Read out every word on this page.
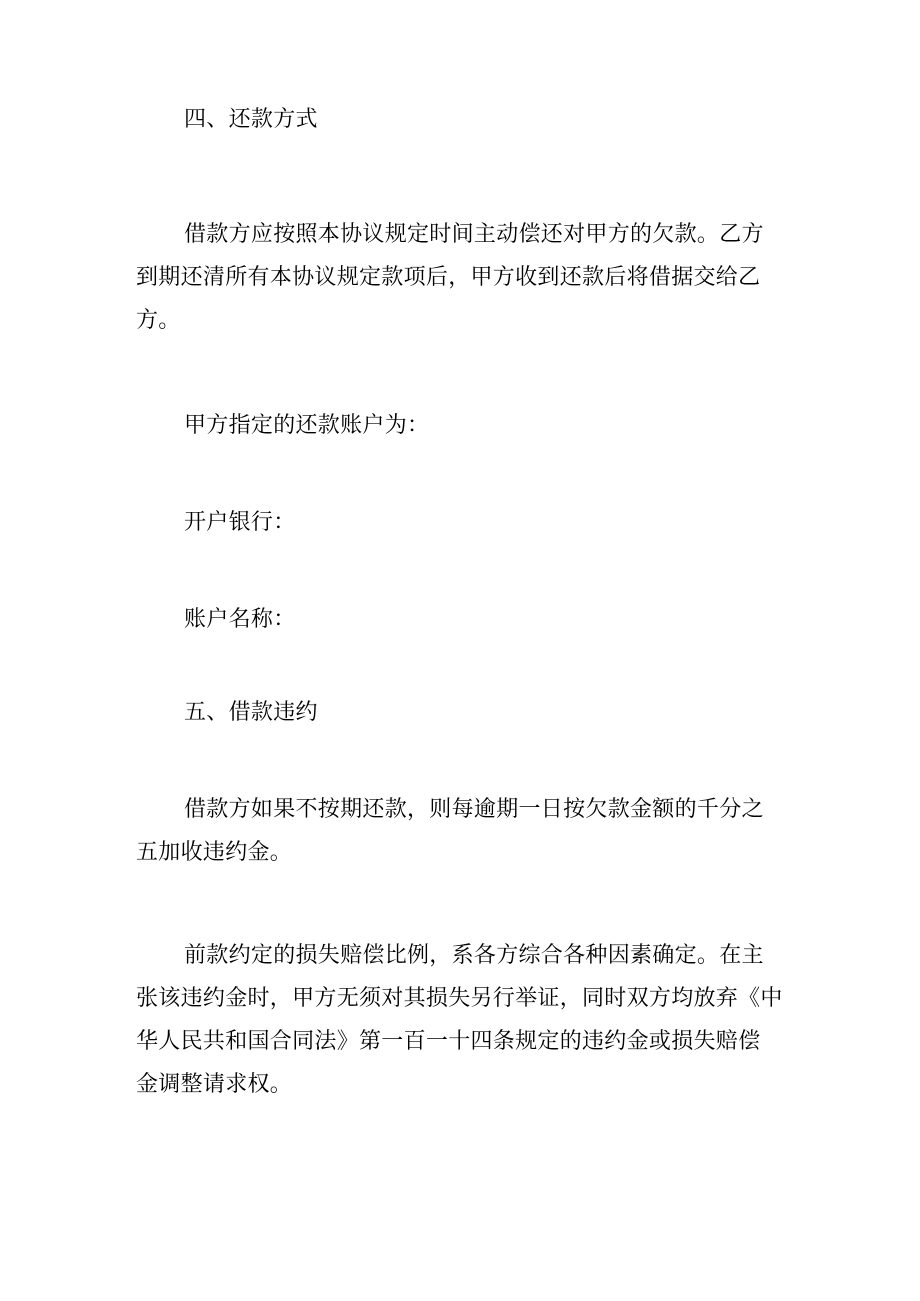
四、还款方式

借款方应按照本协议规定时间主动偿还对甲方的欠款。乙方
到期还清所有本协议规定款项后，甲方收到还款后将借据交给乙
方。

甲方指定的还款账户为：

开户银行：

账户名称：

五、借款违约

借款方如果不按期还款，则每逾期一日按欠款金额的千分之
五加收违约金。
前款约定的损失赔偿比例，系各方综合各种因素确定。在主
张该违约金时，甲方无须对其损失另行举证，同时双方均放弃《中
华人民共和国合同法》第一百一十四条规定的违约金或损失赔偿
金调整请求权。
